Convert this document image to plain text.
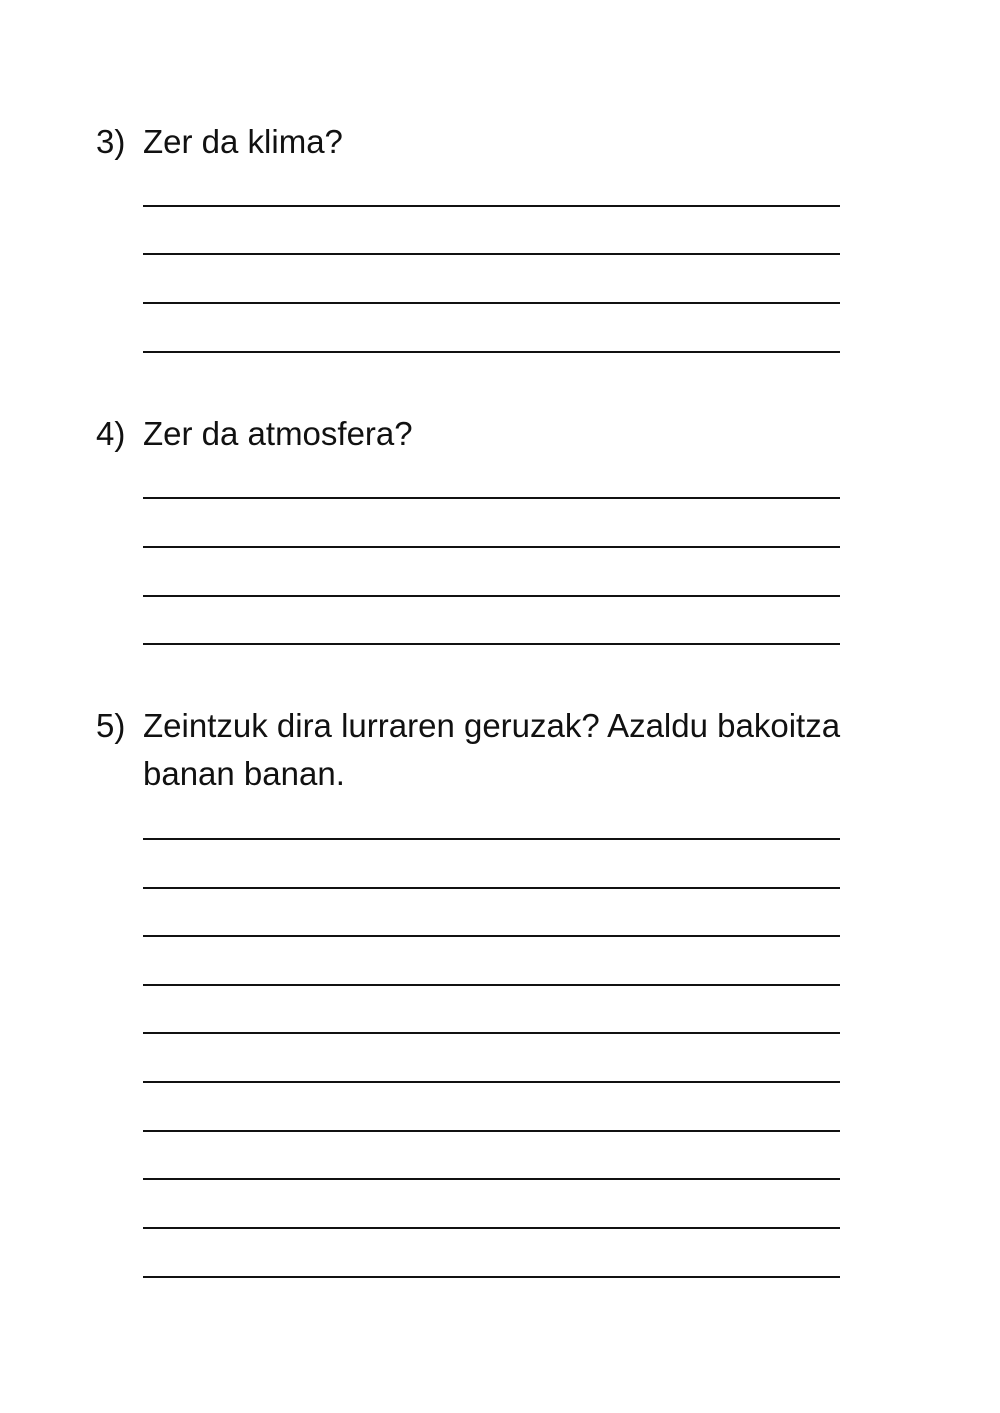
3) Zer da klima?
4) Zer da atmosfera?
5) Zeintzuk dira lurraren geruzak? Azaldu bakoitza banan banan.
